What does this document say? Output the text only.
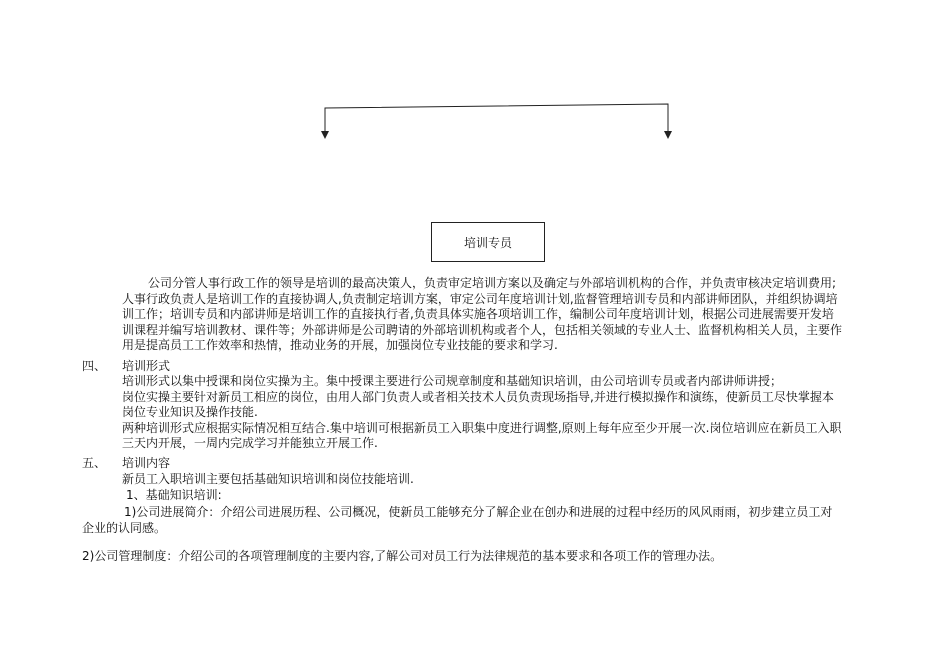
培训专员
公司分管人事行政工作的领导是培训的最高决策人，负责审定培训方案以及确定与外部培训机构的合作，并负责审核决定培训费用;
人事行政负责人是培训工作的直接协调人,负责制定培训方案，审定公司年度培训计划,监督管理培训专员和内部讲师团队，并组织协调培
训工作；培训专员和内部讲师是培训工作的直接执行者,负责具体实施各项培训工作，编制公司年度培训计划，根据公司进展需要开发培
训课程并编写培训教材、课件等；外部讲师是公司聘请的外部培训机构或者个人，包括相关领域的专业人士、监督机构相关人员，主要作
用是提高员工工作效率和热情，推动业务的开展，加强岗位专业技能的要求和学习.
四、 培训形式
培训形式以集中授课和岗位实操为主。集中授课主要进行公司规章制度和基础知识培训，由公司培训专员或者内部讲师讲授；
岗位实操主要针对新员工相应的岗位，由用人部门负责人或者相关技术人员负责现场指导,并进行模拟操作和演练，使新员工尽快掌握本
岗位专业知识及操作技能.
两种培训形式应根据实际情况相互结合.集中培训可根据新员工入职集中度进行调整,原则上每年应至少开展一次.岗位培训应在新员工入职
三天内开展，一周内完成学习并能独立开展工作.
五、 培训内容
新员工入职培训主要包括基础知识培训和岗位技能培训.
1、基础知识培训:
1)公司进展简介：介绍公司进展历程、公司概况，使新员工能够充分了解企业在创办和进展的过程中经历的风风雨雨，初步建立员工对
企业的认同感。
2)公司管理制度：介绍公司的各项管理制度的主要内容,了解公司对员工行为法律规范的基本要求和各项工作的管理办法。
